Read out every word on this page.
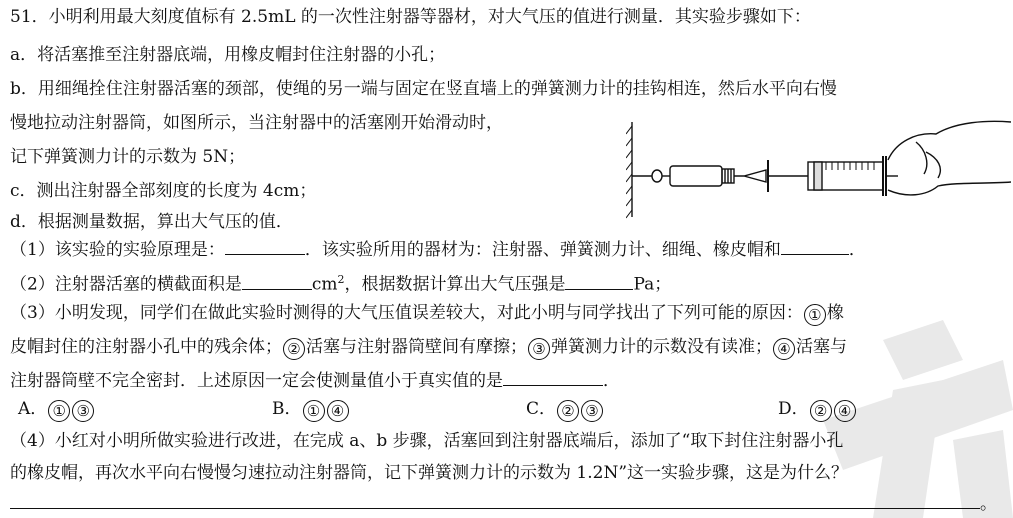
51．小明利用最大刻度值标有 2.5mL 的一次性注射器等器材，对大气压的值进行测量．其实验步骤如下：
a．将活塞推至注射器底端，用橡皮帽封住注射器的小孔；
b．用细绳拴住注射器活塞的颈部，使绳的另一端与固定在竖直墙上的弹簧测力计的挂钩相连，然后水平向右慢
慢地拉动注射器筒，如图所示，当注射器中的活塞刚开始滑动时，
记下弹簧测力计的示数为 5N；
c．测出注射器全部刻度的长度为 4cm；
d．根据测量数据，算出大气压的值．
（1）该实验的实验原理是：	．该实验所用的器材为：注射器、弹簧测力计、细绳、橡皮帽和	．
（2）注射器活塞的横截面积是	$cm^2$，根据数据计算出大气压强是	Pa；
（3）小明发现，同学们在做此实验时测得的大气压值误差较大，对此小明与同学找出了下列可能的原因： ① 橡
皮帽封住的注射器小孔中的残余体； ② 活塞与注射器筒壁间有摩擦； ③ 弹簧测力计的示数没有读准； ④ 活塞与
注射器筒壁不完全密封．上述原因一定会使测量值小于真实值的是	．
A． ① ③	B． ① ④	C． ② ③	D． ② ④
（4）小红对小明所做实验进行改进，在完成 a、b 步骤，活塞回到注射器底端后，添加了“取下封住注射器小孔
的橡皮帽，再次水平向右慢慢匀速拉动注射器筒，记下弹簧测力计的示数为 1.2N”这一实验步骤，这是为什么？
。
